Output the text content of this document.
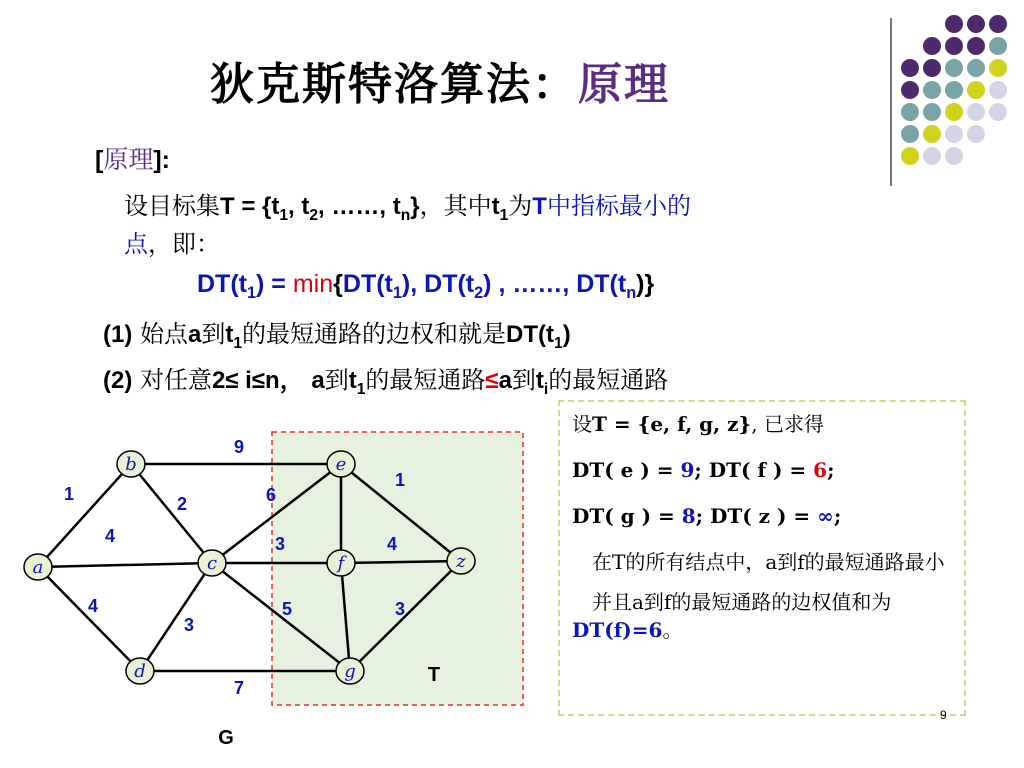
狄克斯特洛算法：原理
[原理]:
设目标集$T = \{t_1$, $t_2$, ……, $t_n$}，其中$t_1$为T中指标最小的
点，即：
$DT(t_1) = \min\{DT(t_1)$, $DT(t_2)$ , ……, $DT(t_n)$}
(1) 始点a到$t_1$的最短通路的边权和就是$DT(t_1)$
(2) 对任意2≤ i≤n， a到$t_1$的最短通路≤a到$t_i$的最短通路

设T = {e, f, g, z}, 已求得

DT( e ) = 9; DT( f ) = 6;

DT( g ) = 8; DT( z ) = ∞;

在T的所有结点中，a到f的最短通路最小

并且a到f的最短通路的边权值和为DT(f)=6。

1
4
4
2
9
6
3
5
3
7
1
4
3
a
b
c
d
e
f
g
z
T
G
9
